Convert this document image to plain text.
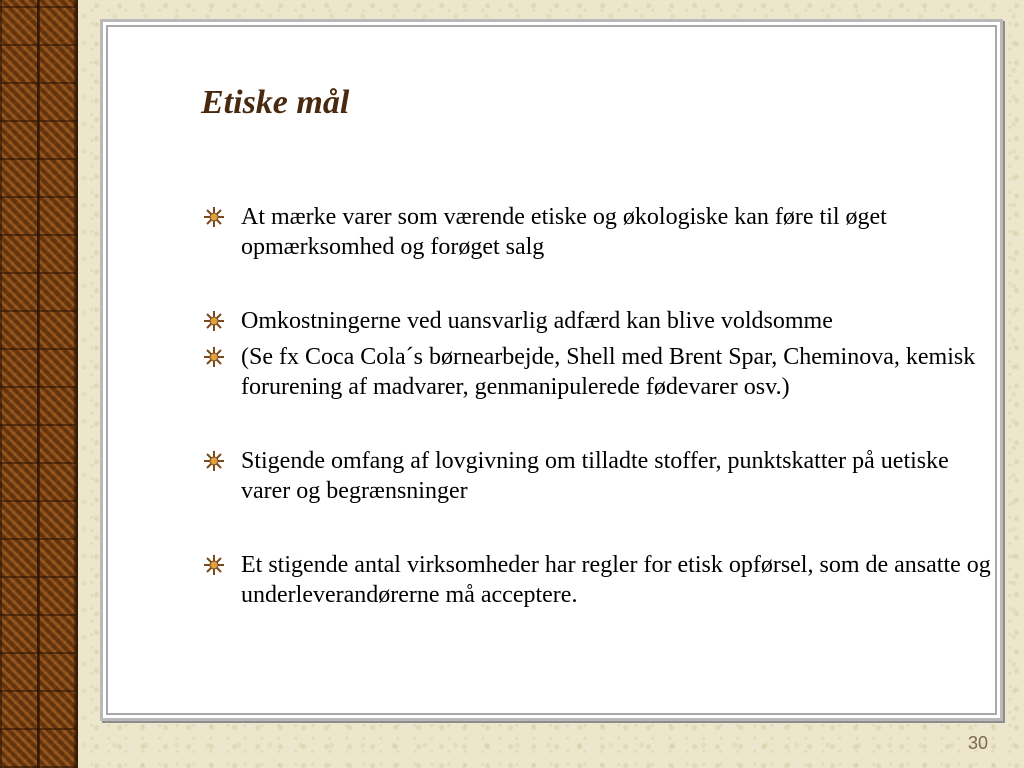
Etiske mål
At mærke varer som værende etiske og økologiske kan føre til øget opmærksomhed og forøget salg
Omkostningerne ved uansvarlig adfærd kan blive voldsomme
(Se fx Coca Cola´s børnearbejde, Shell med Brent Spar, Cheminova, kemisk forurening af madvarer, genmanipulerede fødevarer osv.)
Stigende omfang af lovgivning om tilladte stoffer, punktskatter på uetiske varer og begrænsninger
Et stigende antal virksomheder har regler for etisk opførsel, som de ansatte og underleverandørerne må acceptere.
30
